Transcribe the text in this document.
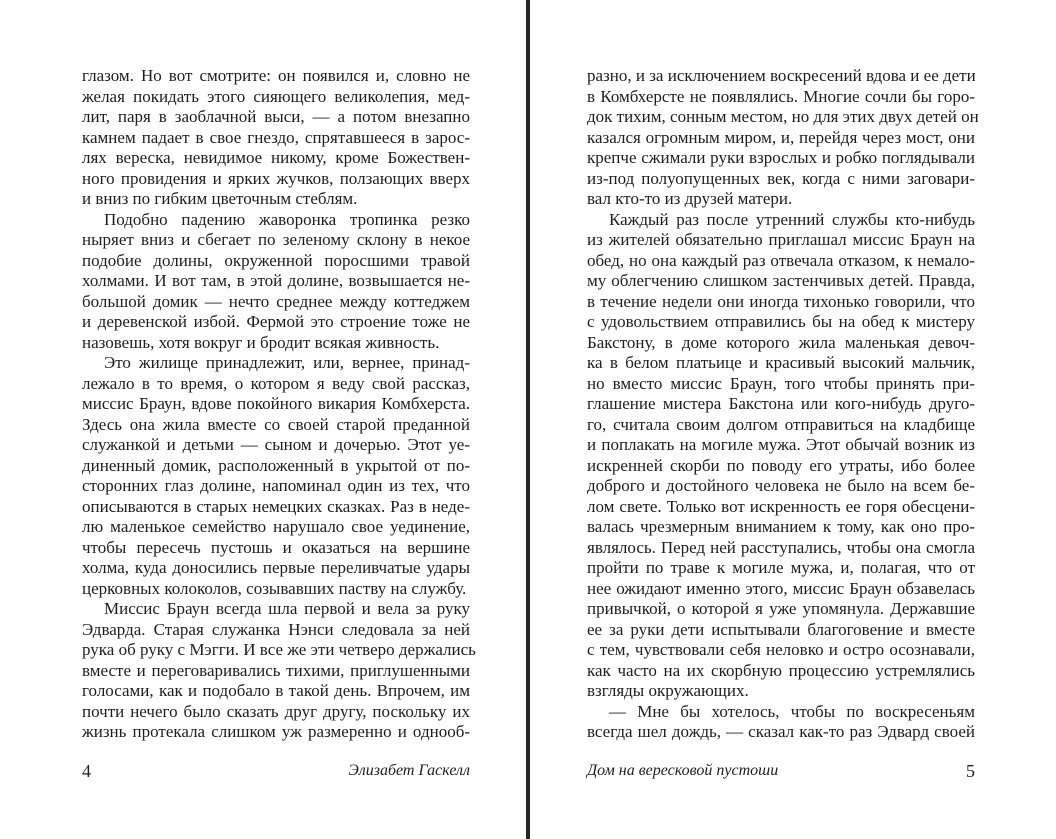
глазом. Но вот смотрите: он появился и, словно не
желая покидать этого сияющего великолепия, мед-
лит, паря в заоблачной выси, — а потом внезапно
камнем падает в свое гнездо, спрятавшееся в зарос-
лях вереска, невидимое никому, кроме Божествен-
ного провидения и ярких жучков, ползающих вверх
и вниз по гибким цветочным стеблям.
Подобно падению жаворонка тропинка резко
ныряет вниз и сбегает по зеленому склону в некое
подобие долины, окруженной поросшими травой
холмами. И вот там, в этой долине, возвышается не-
большой домик — нечто среднее между коттеджем
и деревенской избой. Фермой это строение тоже не
назовешь, хотя вокруг и бродит всякая живность.
Это жилище принадлежит, или, вернее, принад-
лежало в то время, о котором я веду свой рассказ,
миссис Браун, вдове покойного викария Комбхерста.
Здесь она жила вместе со своей старой преданной
служанкой и детьми — сыном и дочерью. Этот уе-
диненный домик, расположенный в укрытой от по-
сторонних глаз долине, напоминал один из тех, что
описываются в старых немецких сказках. Раз в неде-
лю маленькое семейство нарушало свое уединение,
чтобы пересечь пустошь и оказаться на вершине
холма, куда доносились первые переливчатые удары
церковных колоколов, созывавших паству на службу.
Миссис Браун всегда шла первой и вела за руку
Эдварда. Старая служанка Нэнси следовала за ней
рука об руку с Мэгги. И все же эти четверо держались
вместе и переговаривались тихими, приглушенными
голосами, как и подобало в такой день. Впрочем, им
почти нечего было сказать друг другу, поскольку их
жизнь протекала слишком уж размеренно и однооб-
разно, и за исключением воскресений вдова и ее дети
в Комбхерсте не появлялись. Многие сочли бы горо-
док тихим, сонным местом, но для этих двух детей он
казался огромным миром, и, перейдя через мост, они
крепче сжимали руки взрослых и робко поглядывали
из-под полуопущенных век, когда с ними заговари-
вал кто-то из друзей матери.
Каждый раз после утренний службы кто-нибудь
из жителей обязательно приглашал миссис Браун на
обед, но она каждый раз отвечала отказом, к немало-
му облегчению слишком застенчивых детей. Правда,
в течение недели они иногда тихонько говорили, что
с удовольствием отправились бы на обед к мистеру
Бакстону, в доме которого жила маленькая девоч-
ка в белом платьице и красивый высокий мальчик,
но вместо миссис Браун, того чтобы принять при-
глашение мистера Бакстона или кого-нибудь друго-
го, считала своим долгом отправиться на кладбище
и поплакать на могиле мужа. Этот обычай возник из
искренней скорби по поводу его утраты, ибо более
доброго и достойного человека не было на всем бе-
лом свете. Только вот искренность ее горя обесцени-
валась чрезмерным вниманием к тому, как оно про-
являлось. Перед ней расступались, чтобы она смогла
пройти по траве к могиле мужа, и, полагая, что от
нее ожидают именно этого, миссис Браун обзавелась
привычкой, о которой я уже упомянула. Державшие
ее за руки дети испытывали благоговение и вместе
с тем, чувствовали себя неловко и остро осознавали,
как часто на их скорбную процессию устремлялись
взгляды окружающих.
— Мне бы хотелось, чтобы по воскресеньям
всегда шел дождь, — сказал как-то раз Эдвард своей
4	Элизабет Гаскелл	Дом на вересковой пустоши	5
